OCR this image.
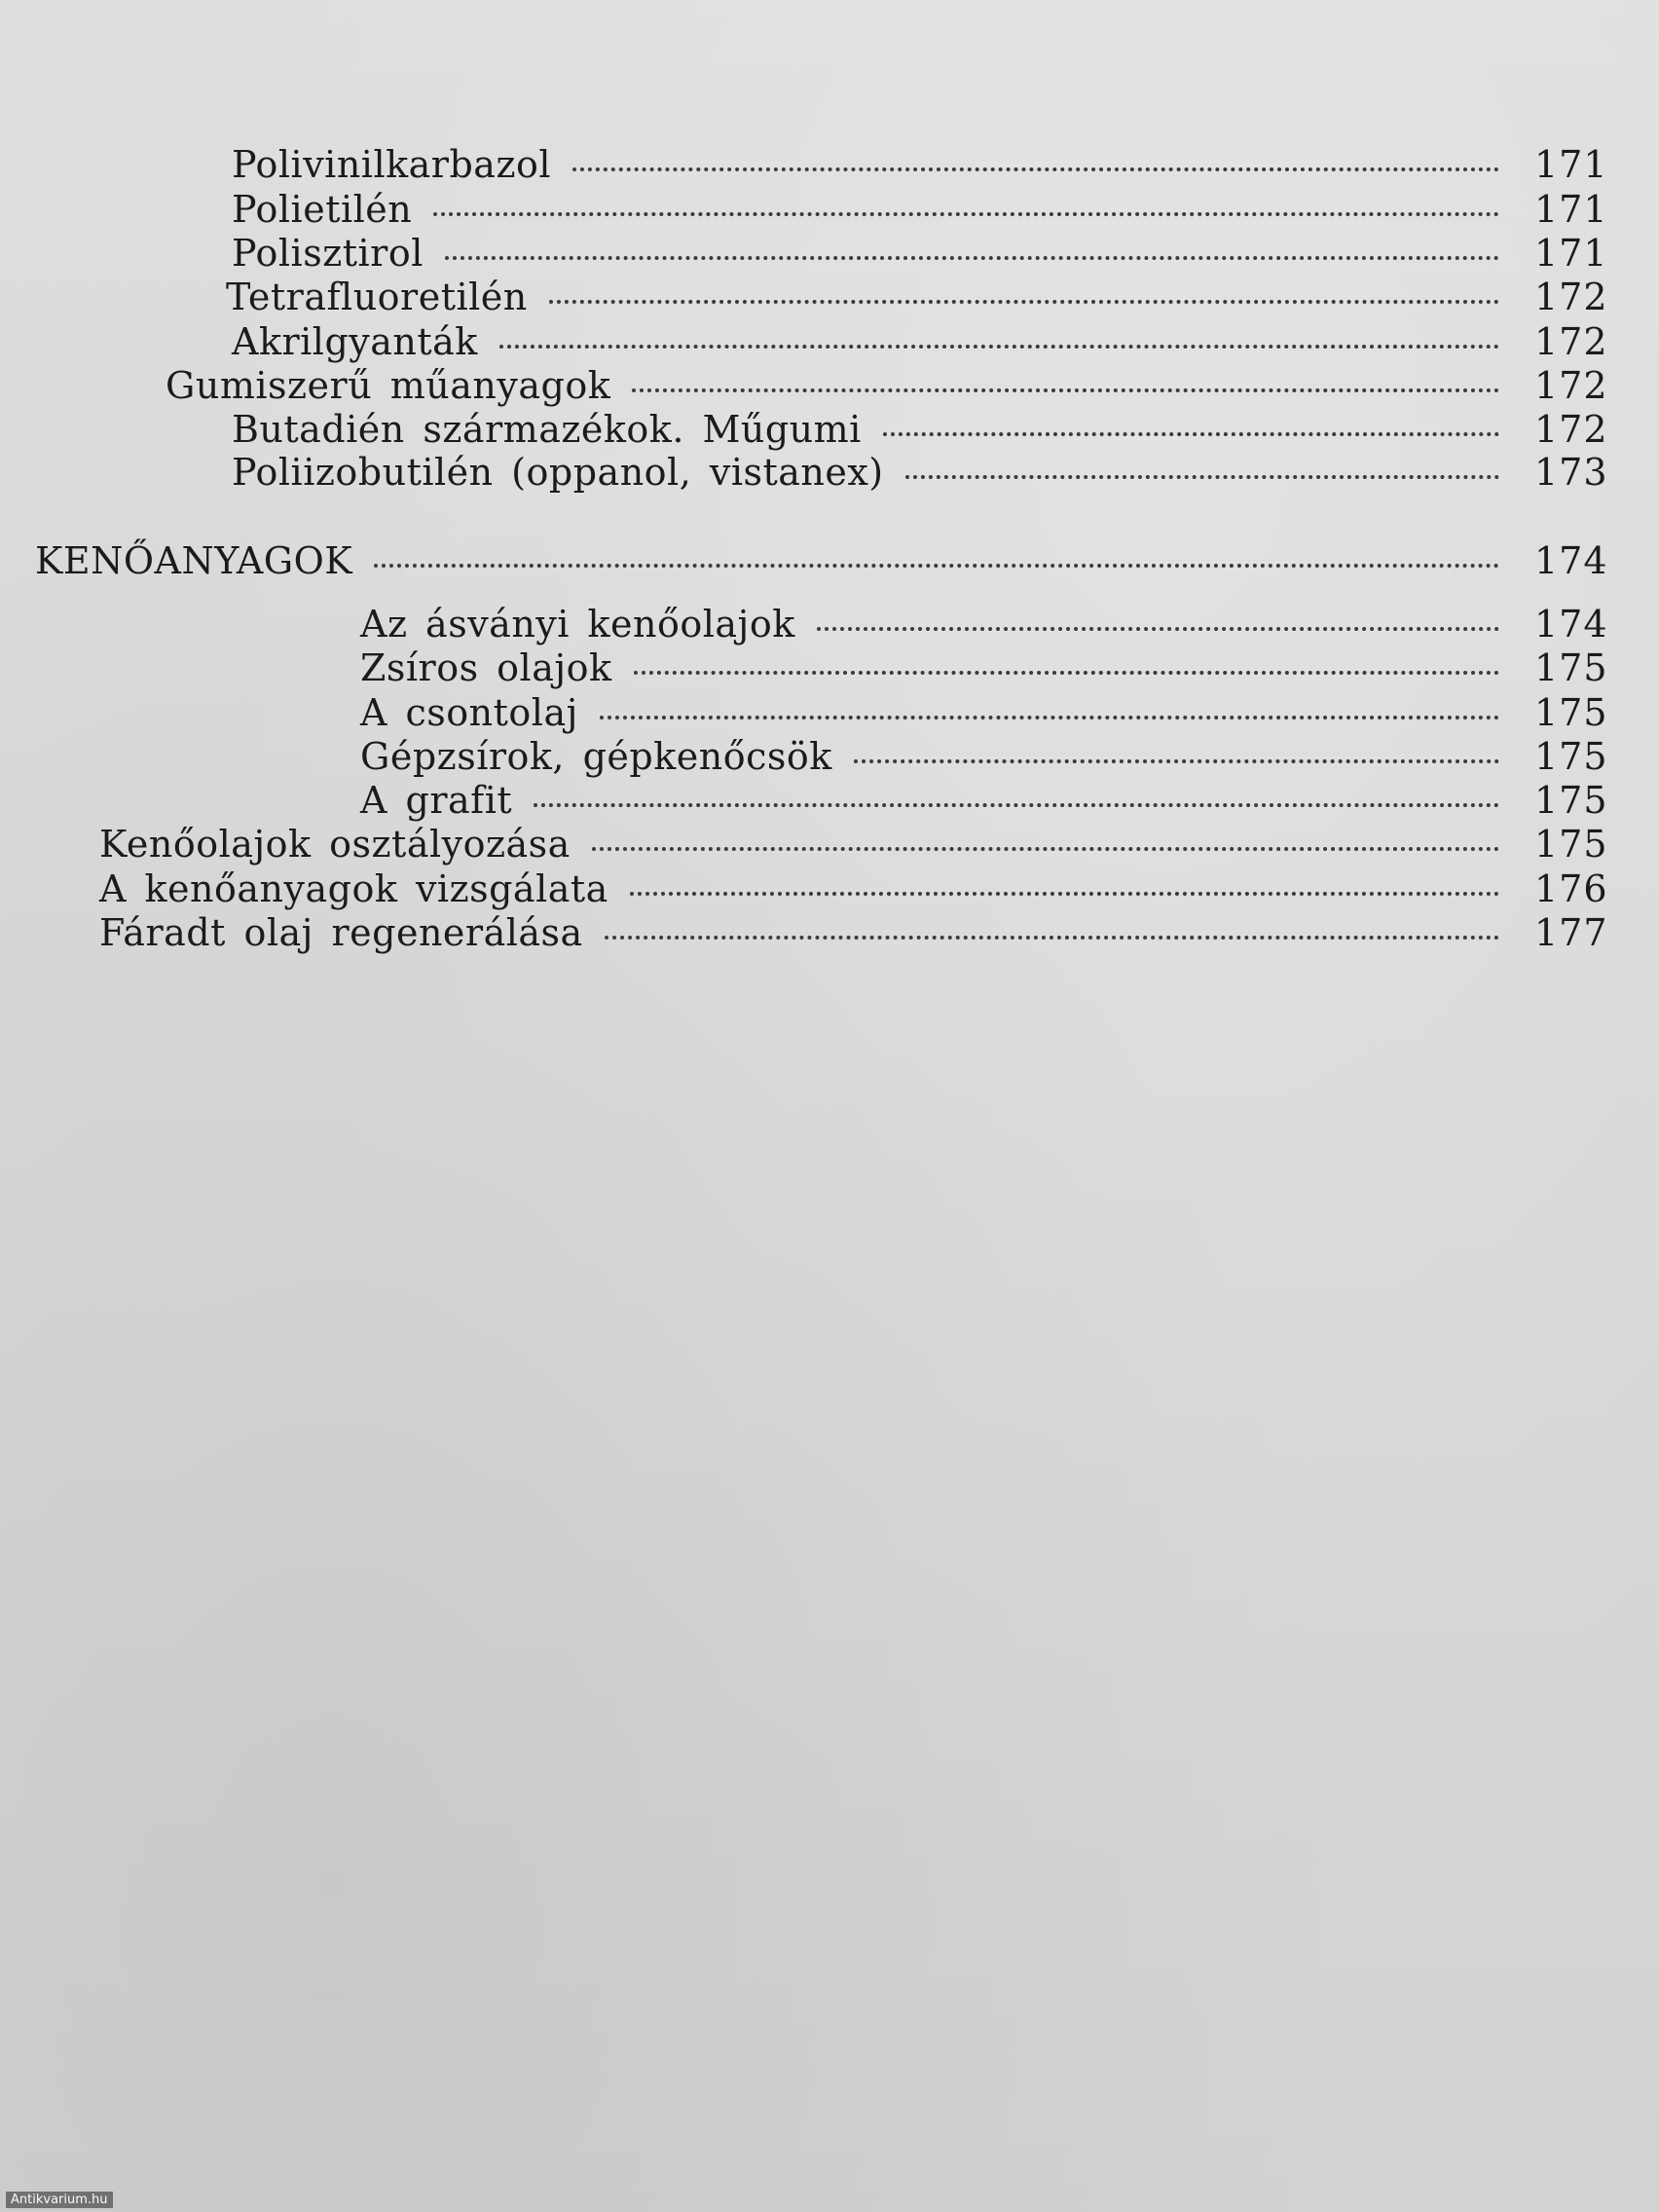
Polivinilkarbazol	171
Polietilén	171
Polisztirol	171
Tetrafluoretilén	172
Akrilgyanták	172
Gumiszerű műanyagok	172
Butadién származékok. Műgumi	172
Poliizobutilén (oppanol, vistanex)	173
KENŐANYAGOK	174
Az ásványi kenőolajok	174
Zsíros olajok	175
A csontolaj	175
Gépzsírok, gépkenőcsök	175
A grafit	175
Kenőolajok osztályozása	175
A kenőanyagok vizsgálata	176
Fáradt olaj regenerálása	177
Antikvarium.hu
